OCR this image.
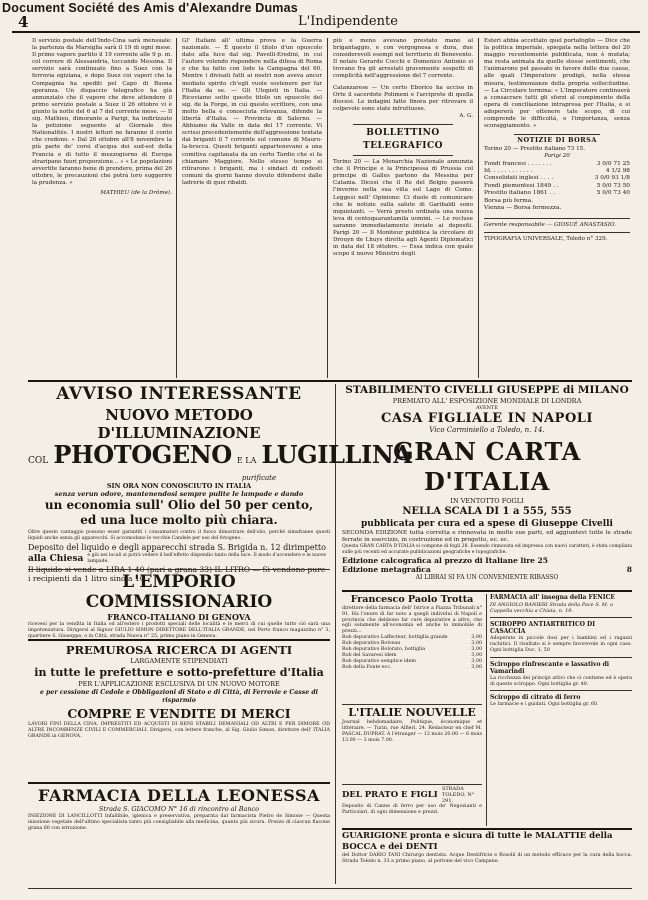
Document Société des Amis d'Alexandre Dumas
4	L'Indipendente
Il servizio postale dell'Indo-Cina sarà mensuale: la partenza da Marsiglia sarà il 19 di ogni mese. Il primo vapore partito il 19 corrente alle 9 p. m. col correre di Alessandria, toccando Messina. Il servizio sarà continuato fino a Suez con la ferrovia egiziana, e dopo Suez coi vapori che la Compagnia ha spediti pel Capo di Buona speranza. Un dispaccio telegrafico ha già annunziato che il vapore che deve attendere il primo servizio postale a Suez il 26 ottobre vi è giunto la notte del 6 al 7 del corrente mese. — Il sig. Mathieu, dimorante a Parigi, ha indirizzato la petizione seguente al Giornale des Nationalités. I nostri lettori ne faranno il conto che credono. « Dal 26 ottobre all'8 novembre la più parte de' corsi d'acqua dei sud-est della Francia e di tutto il mezzogiorno di Europa straripano fuori proporzione... » « Le popolazioni avvertite faranno bene di prendere, prima del 26 ottobre, le precauzioni che potrà loro suggerire la prudenza. »
MATHIEU (de la Drôme).
Gl' Italiani all' ultima prova e la Guerra nazionale. — È questo il titolo d'un opuscolo dato alla luce dal sig. Pavelli-Eredini, in cui l'autore volendo rispondere nella difesa di Roma e che ha fatto con lode la Campagna del 60. Mentre i divisati fatti ai nostri non aveva ancor mediato spirito ch'egli vuole sostenere per far l'Italia da se. — Gli Utopisti in Italia. — Riceviamo sotto questo titolo un opuscolo del sig. de la Forge, in cui questo scrittore, con una molto bella e conosciuta rilevanza, difende la libertà d'Italia. — Provincia di Salerno. — Abbiamo da Valle in data del 17 corrente. Vi scrissi precedentemente dell'aggressione tentata dai briganti il 7 corrente sul comune di Mauro-la-brucca. Questi briganti appartenevano a una comitiva capitanata da un certo Tardio che si fa chiamare Maggiore. Nello stesso tempo si ritirarono i briganti, ma i sindaci di codesti comuni da giorni hanno dovuto difendersi dalle ladrerie di quei ribaldi.
più e meno avevano prestato mano al brigantaggio, e con vergognosa e dura, due considerevoli esempi nel territorio di Benevento. Il notaio Gerardo Cocchi e Domenico Antonio si trovano fra gli arrestati gravemente sospetti di complicità nell'aggressione del 7 corrente.
Catanzarese — Un certo Eborico ha ucciso in Orte il sacerdote Polimeni e l'arciprete di quella diocesi. Le indagini fatte finora per ritrovare il colpevole sono state infruttuose.
A. G.
BOLLETTINO TELEGRAFICO
Torino 20 — La Monarchia Nazionale annunzia che il Principe e la Principessa di Prussia col principe di Galles partono da Messina per Catania. Dicesi che il Re del Belgio passerà l'inverno nella sua villa sul Lago di Como. Leggesi nell' Opinione: Ci duole di comunicare che le notizie sulla salute di Garibaldi sono inquietanti. — Verrà presto ordinata una nuova leva di centoquarantamila uomini. — Le recluse saranno immediatamente inviate ai depositi. Parigi 20 — Il Moniteur pubblica la circolare di Drouyn de Lhuys diretta agli Agenti Diplomatici in data del 18 ottobre. — Essa indica con quale scopo il nuovo Ministro degli
Esteri abbia accettato quel portafoglio — Dice che la politica imperiale, spiegata nella lettera del 20 maggio recentemente pubblicata, non è mutata; ma resta animata da quelle stesse sentimenti, che l'animarono pel passato in favore delle due cause, alle quali l'Imperatore prodigò, nella stessa misura, testimonianze della propria sollecitudine. — La Circolare termina: « L'Imperatore continuerà a consacrare tutti gli sforzi al compimento della opera di conciliazione intrapresa per l'Italia, e si adopererà per ottenere tale scopo, di cui comprende le difficoltà, e l'importanza, senza scoraggiamento. »
NOTIZIE DI BORSA
Torino 20 — Prestito italiano 73 15.
Parigi 20
Fondi francesi . . . . . . .	3 0/0 71 25
Id. . . . . . . . . . . .	4 1/2 98
Consolidati inglesi . . . .	3 0/0 93 1/8
Fondi piemontesi 1849 . .	5 0/0 73 50
Prestito italiano 1861 . .	5 0/0 73 40
Borsa più ferma.
Vienna — Borsa fermezza.
Gerente responsabile — GIOSUÈ ANASTASIO.
TIPOGRAFIA UNIVERSALE, Toledo n° 329.
AVVISO INTERESSANTE
NUOVO METODO D'ILLUMINAZIONE
COL PHOTOGENO E LA LUGILLINA
purificate
SIN ORA NON CONOSCIUTO IN ITALIA
senza verun odore, mantenendosi sempre pulite le lampade e dando
un economia sull' Olio del 50 per cento,
ed una luce molto più chiara.
Oltre questo vantaggio possono esser garantiti i consumatori contro il fuoco dimostrare dell'olio, perchè simultanee questi liquidi anche senza gli apparecchi. Si accomodano le vecchie Candele per uso del fotogeno.
Deposito del liquido e degli apparecchi strada S. Brigida n. 12 dirimpetto
alla Chiesa e giù nei locali si potrà vedere il bell'effetto dispendio tanto della luce. Il modo d'accendere e le nuove lampade.
Il liquido si vende a LIRA 1 40 (pari a grana 33) IL LITRO — Si vendono pure i recipienti da 1 litro sino a 10.
L'EMPORIO COMMISSIONARIO
FRANCO-ITALIANO DI GENOVA
ricevesi per la vendita in Italia od all'estero i prodotti speciali delle località e le merci di cui quelle tutto ciò sarà una impotenzatura. Dirigersi al Signor GIULIO SIMON DIRETTORE DELL'ITALIA GRANDE, nel Porto franco magazzino n° 3, quartiere S. Giuseppe, o in Città, strada Nuova n° 25, primo piano in Genova.
PREMUROSA RICERCA DI AGENTI
LARGAMENTE STIPENDIATI
in tutte le prefetture e sotto-prefetture d'Italia
PER L'APPLICAZIONE ESCLUSIVA DI UN NUOVO MOTORE
e per cessione di Cedole e Obbligazioni di Stato e di Città, di Ferrovie e Casse di risparmio
COMPRE E VENDITE DI MERCI
LAVORI FINI DELLA CINA, IMPRESTITI ED ACQUISTI DI BENI STABILI DEMANIALI OD ALTRI E PER DIMORE OD ALTRE INCOMBENZE CIVILI E COMMERCIALI. Dirigersi, con lettere franche, al Sig. Giulio Simon, direttore dell' ITALIA GRANDE in GENOVA.
FARMACIA DELLA LEONESSA
Strada S. GIACOMO N° 16 di rincontro al Banco
INIEZIONE DI LANCILLOTTI Infallibile, igienica e preservativa, preparata dal farmacista Pietro de Simone — Questa iniezione vegetale dell'ultimo specialista tanto più consigliabile alla medicina, quanto più sicura. Prezzo di ciascun flacone grana 60 con istruzione.
STABILIMENTO CIVELLI GIUSEPPE di MILANO
PREMIATO ALL' ESPOSIZIONE MONDIALE DI LONDRA
AVENTE
CASA FIGLIALE IN NAPOLI
Vico Carminiello a Toledo, n. 14.
GRAN CARTA D'ITALIA
IN VENTOTTO FOGLI
NELLA SCALA DI 1 a 555, 555
pubblicata per cura ed a spese di Giuseppe Civelli
SECONDA EDIZIONE tutta corretta e rinnovata in molte sue parti, ed aggiuntevi tutte le strade ferrate in esercizio, in costruzione ed in progetto, ec. ec.
Questa GRAN CARTA D'ITALIA si compone di fogli 28. Essendo rinnovata ed impressa con nuovi caratteri, è stata compilata sulle più recenti ed accurate pubblicazioni geografiche e topografiche.
Edizione calcografica al prezzo di Italiane lire 25
Edizione metagrafica	8
AI LIBRAI SI FA UN CONVENIENTE RIBASSO
Francesco Paolo Trotta
direttore della farmacia dell' Istrice a Piazza Tribunali n° 91. Ha l'onore di far noto a quegli individui di Napoli e provincia che debbono far cure depurative a altro, che egli solamente all'economia ed anche lo immobile di prezzi...
Rob depurativo Laffecteur, bottiglia grande	3,00
Rob depurativo Boiveau	3,00
Rob depurativo Bolorato, bottiglia	3,00
Rob del Savaresi idem	3,00
Rob depurativo semplice idem	3,00
Rob della Fonte ecc.	3,00
L'ITALIE NOUVELLE
Journal hebdomadaire, Politique, économique et littéraire. — Turin, rue Alfieri, 24. Rédacteur en chef M. PASCAL DUPRAT. A l'étranger — 12 mois 20.00 — 6 mois 13.00 — 3 mois 7.00.
DEL PRATO E FIGLI
STRADA TOLEDO, N° 291.
Deposito di Canne di ferro per uso de' Negozianti e Particolari, di ogni dimensione e prezzi.
FARMACIA all' insegna della FENICE
DI ANGIOLO RANIERI Strada della Pace S. M. a Cappella vecchia a Chiaia, n. 19.
SCIROPPO ANTIARTRITICO DI CASACCIA
Adoperato in piccole dosi per i bambini ed i ragazzi rachitici. Il risultato si è sempre favorevole in ogni caso. Ogni bottiglia Duc. 1, 50
Sciroppo rinfrescante e lassativo di Vamarindi
La ricchezza dei principi attivi che ci contiene ed è opera di questo sciroppo. Ogni bottiglia gr. 40.
Sciroppo di citrato di ferro
Le farmacie e i guidati. Ogni bottiglia gr. 60.
GUARIGIONE pronta e sicura di tutte le MALATTIE della BOCCA e dei DENTI
del Dottor DARIO TANI Chirurgo dentista. Acque Dentifricie e Rosolii di un metodo efficace per la cura della bocca. Strada Toledo n. 33 a primo piano, al portone del vico Campane.
